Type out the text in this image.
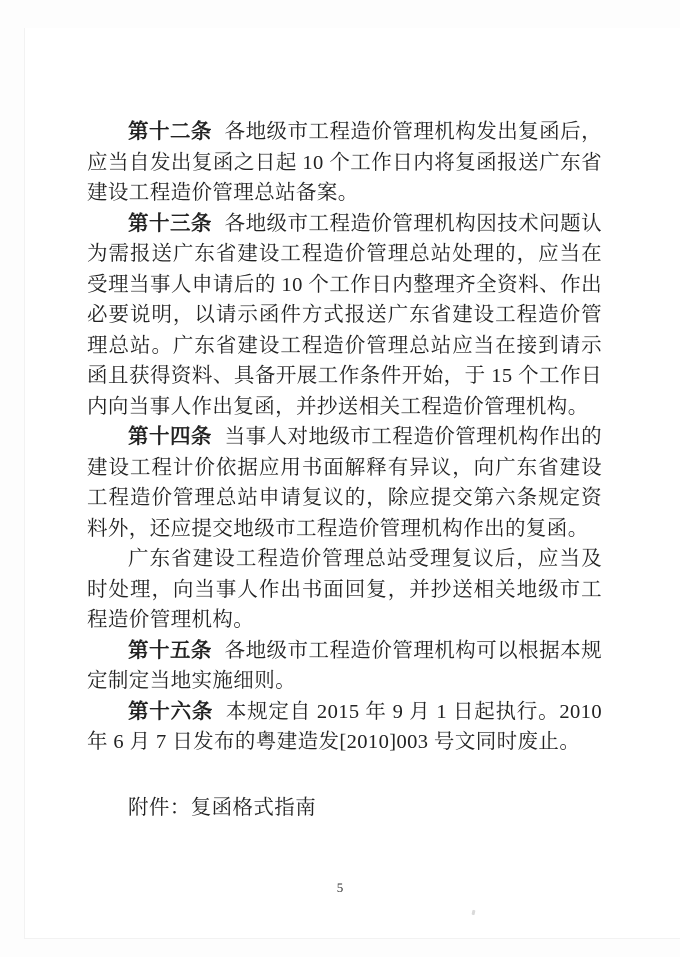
第十二条 各地级市工程造价管理机构发出复函后，应当自发出复函之日起 10 个工作日内将复函报送广东省建设工程造价管理总站备案。

第十三条 各地级市工程造价管理机构因技术问题认为需报送广东省建设工程造价管理总站处理的，应当在受理当事人申请后的 10 个工作日内整理齐全资料、作出必要说明，以请示函件方式报送广东省建设工程造价管理总站。广东省建设工程造价管理总站应当在接到请示函且获得资料、具备开展工作条件开始，于 15 个工作日内向当事人作出复函，并抄送相关工程造价管理机构。

第十四条 当事人对地级市工程造价管理机构作出的建设工程计价依据应用书面解释有异议，向广东省建设工程造价管理总站申请复议的，除应提交第六条规定资料外，还应提交地级市工程造价管理机构作出的复函。

广东省建设工程造价管理总站受理复议后，应当及时处理，向当事人作出书面回复，并抄送相关地级市工程造价管理机构。

第十五条 各地级市工程造价管理机构可以根据本规定制定当地实施细则。

第十六条 本规定自 2015 年 9 月 1 日起执行。2010 年 6 月 7 日发布的粤建造发[2010]003 号文同时废止。

附件：复函格式指南

5
